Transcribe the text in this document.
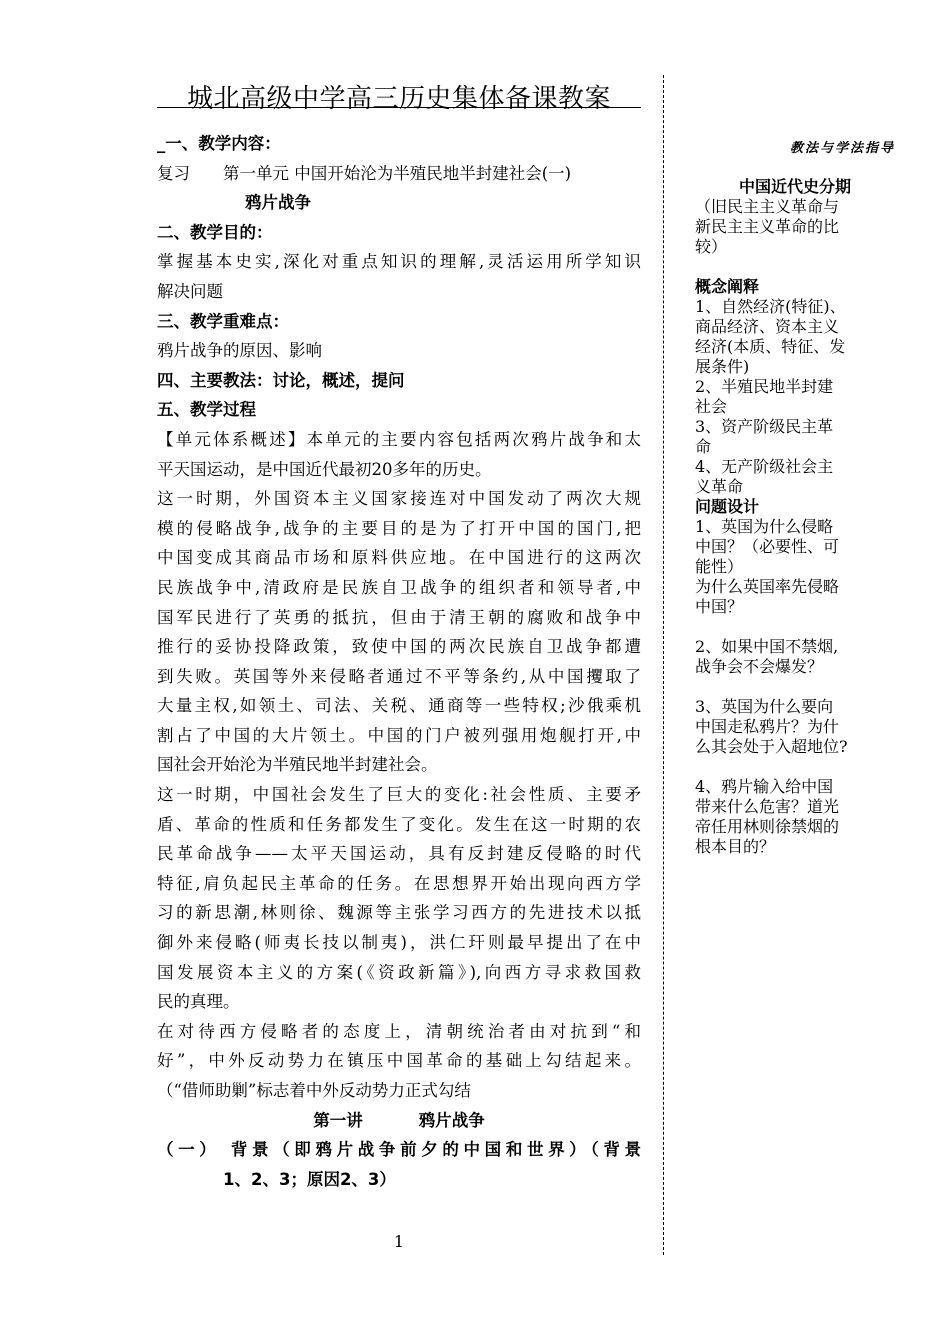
城北高级中学高三历史集体备课教案
_一、教学内容：
复习　　第一单元 中国开始沦为半殖民地半封建社会(一)
鸦片战争
二、教学目的：
掌握基本史实,深化对重点知识的理解,灵活运用所学知识
解决问题
三、教学重难点：
鸦片战争的原因、影响
四、主要教法：讨论，概述，提问
五、教学过程
【单元体系概述】本单元的主要内容包括两次鸦片战争和太
平天国运动，是中国近代最初20多年的历史。
这一时期，外国资本主义国家接连对中国发动了两次大规
模的侵略战争,战争的主要目的是为了打开中国的国门,把
中国变成其商品市场和原料供应地。在中国进行的这两次
民族战争中,清政府是民族自卫战争的组织者和领导者,中
国军民进行了英勇的抵抗，但由于清王朝的腐败和战争中
推行的妥协投降政策，致使中国的两次民族自卫战争都遭
到失败。英国等外来侵略者通过不平等条约,从中国攫取了
大量主权,如领土、司法、关税、通商等一些特权;沙俄乘机
割占了中国的大片领土。中国的门户被列强用炮舰打开,中
国社会开始沦为半殖民地半封建社会。
这一时期，中国社会发生了巨大的变化:社会性质、主要矛
盾、革命的性质和任务都发生了变化。发生在这一时期的农
民革命战争——太平天国运动，具有反封建反侵略的时代
特征,肩负起民主革命的任务。在思想界开始出现向西方学
习的新思潮,林则徐、魏源等主张学习西方的先进技术以抵
御外来侵略(师夷长技以制夷)，洪仁玕则最早提出了在中
国发展资本主义的方案(《资政新篇》),向西方寻求救国救
民的真理。
在对待西方侵略者的态度上，清朝统治者由对抗到“和
好”，中外反动势力在镇压中国革命的基础上勾结起来。
（“借师助剿”标志着中外反动势力正式勾结
第一讲	鸦片战争
（一） 背景（即鸦片战争前夕的中国和世界）（背景
1、2、3；原因2、3）
教法与学法指导
中国近代史分期
（旧民主主义革命与
新民主主义革命的比
较）
概念阐释
1、自然经济(特征)、
商品经济、资本主义
经济(本质、特征、发
展条件)
2、半殖民地半封建
社会
3、资产阶级民主革
命
4、无产阶级社会主
义革命
问题设计
1、英国为什么侵略
中国？（必要性、可
能性）
为什么英国率先侵略
中国？
2、如果中国不禁烟,
战争会不会爆发？
3、英国为什么要向
中国走私鸦片？为什
么其会处于入超地位?
4、鸦片输入给中国
带来什么危害？道光
帝任用林则徐禁烟的
根本目的？
1
